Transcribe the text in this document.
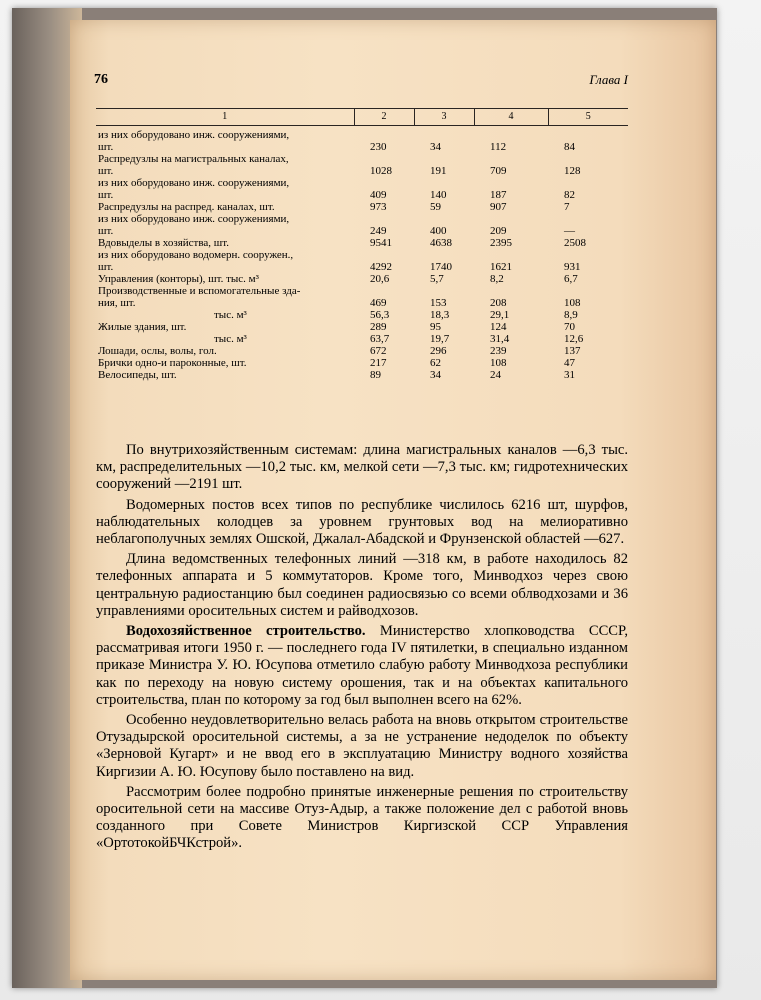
76	Глава I
1	2	3	4	5
из них оборудовано инж. сооружениями,				
шт.	230	34	112	84
Распредузлы на магистральных каналах,				
шт.	1028	191	709	128
из них оборудовано инж. сооружениями,				
шт.	409	140	187	82
Распредузлы на распред. каналах, шт.	973	59	907	7
из них оборудовано инж. сооружениями,				
шт.	249	400	209	—
Вдовыделы в хозяйства, шт.	9541	4638	2395	2508
из них оборудовано водомерн. сооружен.,				
шт.	4292	1740	1621	931
Управления (конторы), шт. тыс. м³	20,6	5,7	8,2	6,7
Производственные и вспомогательные зда-				
ния, шт.	469	153	208	108
тыс. м³	56,3	18,3	29,1	8,9
Жилые здания, шт.	289	95	124	70
тыс. м³	63,7	19,7	31,4	12,6
Лошади, ослы, волы, гол.	672	296	239	137
Брички одно-и пароконные, шт.	217	62	108	47
Велосипеды, шт.	89	34	24	31

По внутрихозяйственным системам: длина магистральных каналов —6,3 тыс. км, распределительных —10,2 тыс. км, мелкой сети —7,3 тыс. км; гидротехнических сооружений —2191 шт.

Водомерных постов всех типов по республике числилось 6216 шт, шурфов, наблюдательных колодцев за уровнем грунтовых вод на мелиоративно неблагополучных землях Ошской, Джалал-Абадской и Фрунзенской областей —627.

Длина ведомственных телефонных линий —318 км, в работе находилось 82 телефонных аппарата и 5 коммутаторов. Кроме того, Минводхоз через свою центральную радиостанцию был соединен радиосвязью со всеми облводхозами и 36 управлениями оросительных систем и райводхозов.

Водохозяйственное строительство. Министерство хлопководства СССР, рассматривая итоги 1950 г. — последнего года IV пятилетки, в специально изданном приказе Министра У. Ю. Юсупова отметило слабую работу Минводхоза республики как по переходу на новую систему орошения, так и на объектах капитального строительства, план по которому за год был выполнен всего на 62%.

Особенно неудовлетворительно велась работа на вновь открытом строительстве Отузадырской оросительной системы, а за не устранение недоделок по объекту «Зерновой Кугарт» и не ввод его в эксплуатацию Министру водного хозяйства Киргизии А. Ю. Юсупову было поставлено на вид.

Рассмотрим более подробно принятые инженерные решения по строительству оросительной сети на массиве Отуз-Адыр, а также положение дел с работой вновь созданного при Совете Министров Киргизской ССР Управления «ОртотокойБЧКстрой».
